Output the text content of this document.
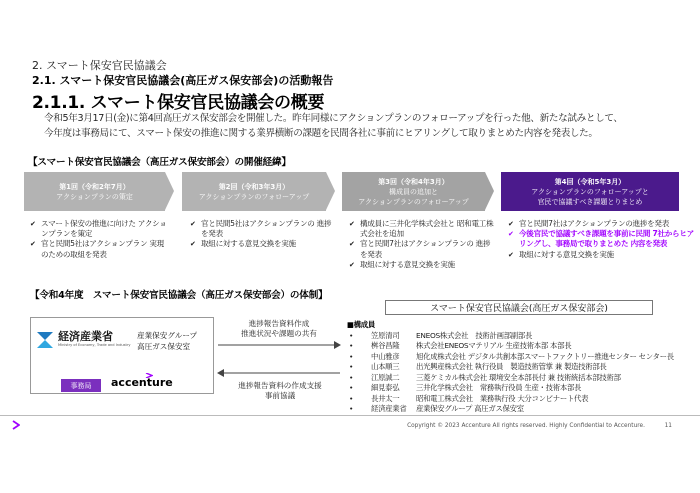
2. スマート保安官民協議会
2.1. スマート保安官民協議会(高圧ガス保安部会)の活動報告
2.1.1. スマート保安官民協議会の概要
令和5年3月17日(金)に第4回高圧ガス保安部会を開催した。昨年同様にアクションプランのフォローアップを行った他、新たな試みとして、
今年度は事務局にて、スマート保安の推進に関する業界横断の課題を民間各社に事前にヒアリングして取りまとめた内容を発表した。
【スマート保安官民協議会（高圧ガス保安部会）の開催経緯】
第1回（令和2年7月）
アクションプランの策定
第2回（令和3年3月）
アクションプランのフォローアップ
第3回（令和4年3月）
構成員の追加と
アクションプランのフォローアップ
第4回（令和5年3月）
アクションプランのフォローアップと
官民で協議すべき課題とりまとめ
✔ スマート保安の推進に向けた アクションプランを策定
✔ 官と民間5社はアクションプラン 実現のための取組を発表
✔ 官と民間5社はアクションプランの 進捗を発表
✔ 取組に対する意見交換を実施
✔ 構成員に三井化学株式会社と 昭和電工株式会社を追加
✔ 官と民間7社はアクションプランの 進捗を発表
✔ 取組に対する意見交換を実施
✔ 官と民間7社はアクションプランの進捗を発表
✔ 今後官民で協議すべき課題を事前に民間 7社からヒアリングし、事務局で取りまとめた 内容を発表
✔ 取組に対する意見交換を実施
【令和4年度　スマート保安官民協議会（高圧ガス保安部会）の体制】
経済産業省
Ministry of Economy, Trade and Industry
産業保安グループ
高圧ガス保安室
事務局	accenture
進捗報告資料作成
推進状況や課題の共有
進捗報告資料の作成支援
事前協議
スマート保安官民協議会(高圧ガス保安部会)
■構成員
•	笠原清司	ENEOS株式会社　技術計画部副部長
•	桝谷昌隆	株式会社ENEOSマテリアル 生産技術本部 本部長
•	中山雅彦	旭化成株式会社 デジタル共創本部スマートファクトリー推進センター センター長
•	山本順三	出光興産株式会社 執行役員　製造技術管掌 兼 製造技術部長
•	江原誠二	三菱ケミカル株式会社 環境安全本部長付 兼 技術統括本部技術部
•	細見泰弘	三井化学株式会社　常務執行役員 生産・技術本部長
•	長井太一	昭和電工株式会社　業務執行役 大分コンビナート代表
•	経済産業省	産業保安グループ 高圧ガス保安室
Copyright © 2023 Accenture All rights reserved. Highly Confidential to Accenture.	11
